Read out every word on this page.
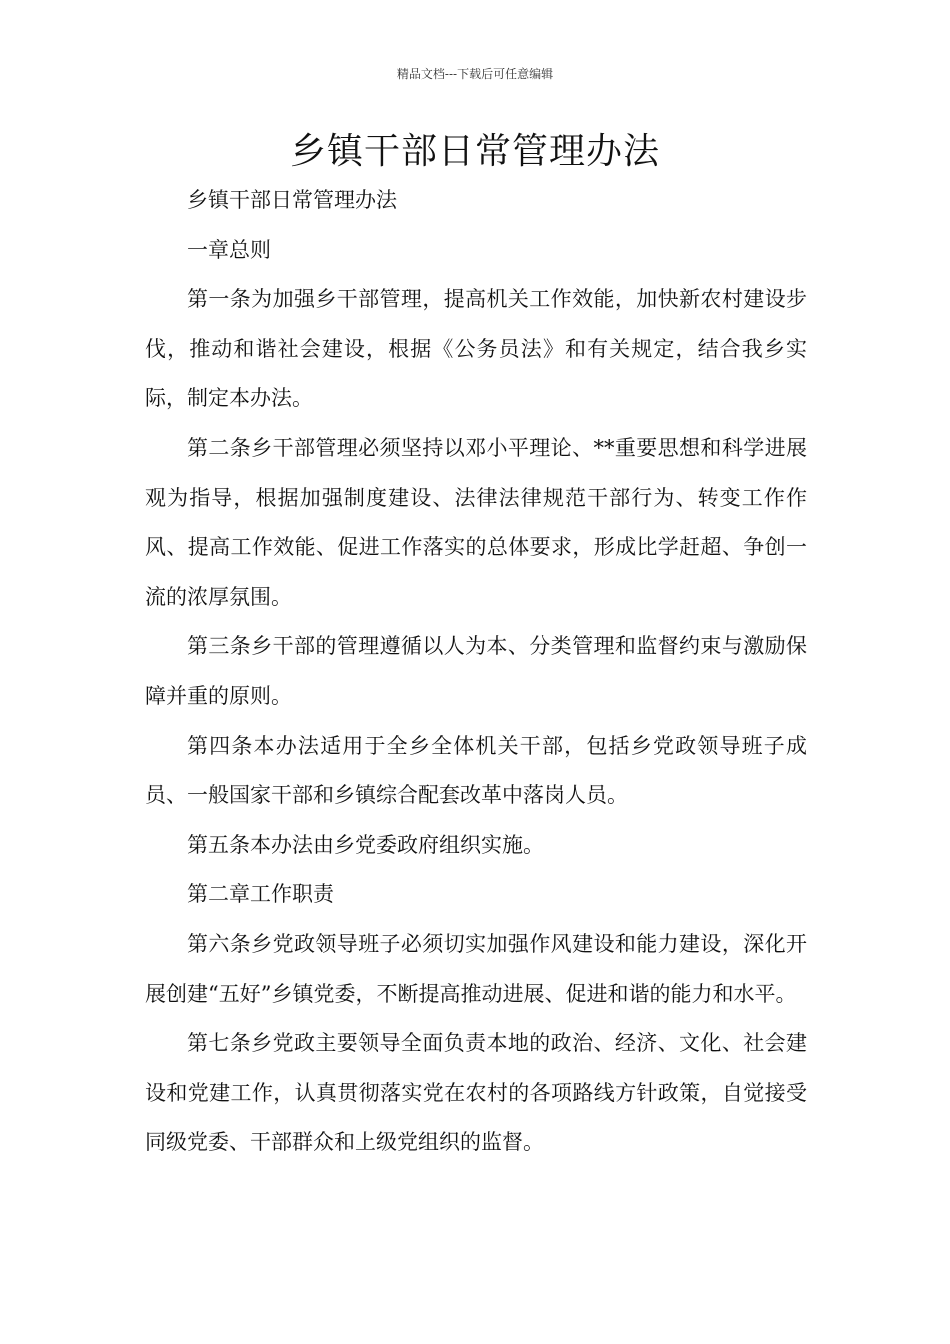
精品文档---下载后可任意编辑
乡镇干部日常管理办法

乡镇干部日常管理办法

一章总则

第一条为加强乡干部管理，提高机关工作效能，加快新农村建设步伐，推动和谐社会建设，根据《公务员法》和有关规定，结合我乡实际，制定本办法。

第二条乡干部管理必须坚持以邓小平理论、**重要思想和科学进展观为指导，根据加强制度建设、法律法律规范干部行为、转变工作作风、提高工作效能、促进工作落实的总体要求，形成比学赶超、争创一流的浓厚氛围。

第三条乡干部的管理遵循以人为本、分类管理和监督约束与激励保障并重的原则。

第四条本办法适用于全乡全体机关干部，包括乡党政领导班子成员、一般国家干部和乡镇综合配套改革中落岗人员。

第五条本办法由乡党委政府组织实施。

第二章工作职责

第六条乡党政领导班子必须切实加强作风建设和能力建设，深化开展创建“五好”乡镇党委，不断提高推动进展、促进和谐的能力和水平。

第七条乡党政主要领导全面负责本地的政治、经济、文化、社会建设和党建工作，认真贯彻落实党在农村的各项路线方针政策，自觉接受同级党委、干部群众和上级党组织的监督。
